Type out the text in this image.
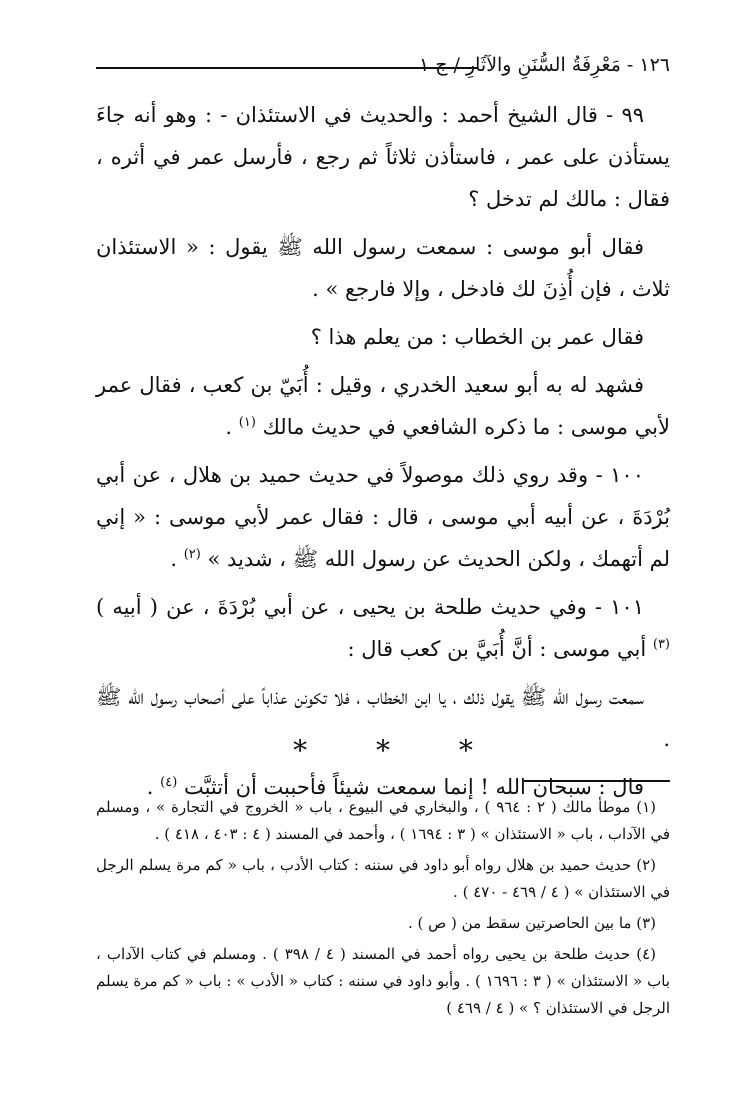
١٢٦ - مَعْرِفَةُ السُّنَنِ والآثَارِ / ج ١

٩٩ - قال الشيخ أحمد : والحديث في الاستئذان - : وهو أنه جاءَ يستأذن على عمر ، فاستأذن ثلاثاً ثم رجع ، فأرسل عمر في أثره ، فقال : مالك لم تدخل ؟

فقال أبو موسى : سمعت رسول الله ﷺ يقول : « الاستئذان ثلاث ، فإن أُذِنَ لك فادخل ، وإلا فارجع » .

فقال عمر بن الخطاب : من يعلم هذا ؟

فشهد له به أبو سعيد الخدري ، وقيل : أُبَيّ بن كعب ، فقال عمر لأبي موسى : ما ذكره الشافعي في حديث مالك $^{(١)}$ .

١٠٠ - وقد روي ذلك موصولاً في حديث حميد بن هلال ، عن أبي بُرْدَةَ ، عن أبيه أبي موسى ، قال : فقال عمر لأبي موسى : « إني لم أتهمك ، ولكن الحديث عن رسول الله ﷺ ، شديد » $^{(٢)}$ .

١٠١ - وفي حديث طلحة بن يحيى ، عن أبي بُرْدَةَ ، عن ( أبيه ) $^{(٣)}$ أبي موسى : أنَّ أُبَيَّ بن كعب قال :

سمعت رسول الله ﷺ يقول ذلك ، يا ابن الخطاب ، فلا تكونن عذاباً على أصحاب رسول الله ﷺ .

قال : سبحان الله ! إنما سمعت شيئاً فأحببت أن أتثبَّت $^{(٤)}$ .

* * *

(١) موطأ مالك ( ٢ : ٩٦٤ ) ، والبخاري في البيوع ، باب « الخروج في التجارة » ، ومسلم في الآداب ، باب « الاستئذان » ( ٣ : ١٦٩٤ ) ، وأحمد في المسند ( ٤ : ٤٠٣ ، ٤١٨ ) .

(٢) حديث حميد بن هلال رواه أبو داود في سننه : كتاب الأدب ، باب « كم مرة يسلم الرجل في الاستئذان » ( ٤ / ٤٦٩ - ٤٧٠ ) .

(٣) ما بين الحاصرتين سقط من ( ص ) .

(٤) حديث طلحة بن يحيى رواه أحمد في المسند ( ٤ / ٣٩٨ ) . ومسلم في كتاب الآداب ، باب « الاستئذان » ( ٣ : ١٦٩٦ ) . وأبو داود في سننه : كتاب « الأدب » : باب « كم مرة يسلم الرجل في الاستئذان ؟ » ( ٤ / ٤٦٩ )
